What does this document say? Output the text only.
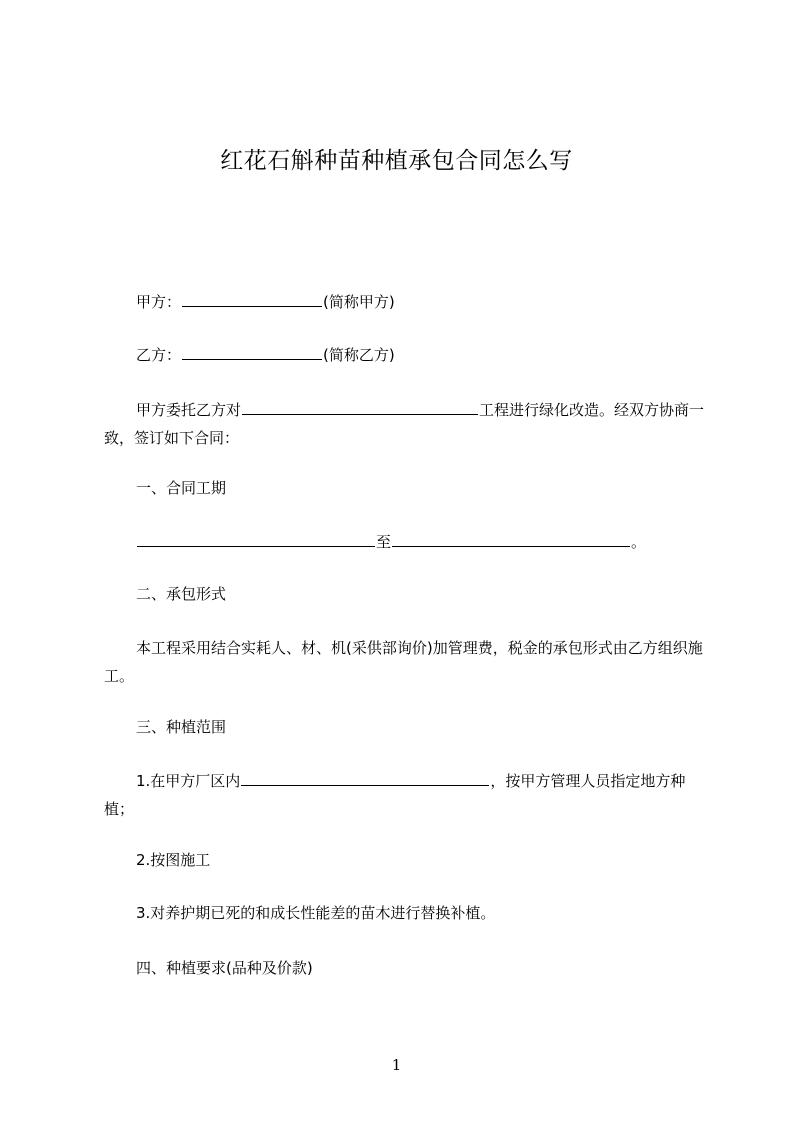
红花石斛种苗种植承包合同怎么写
甲方：	(简称甲方)
乙方：	(简称乙方)
甲方委托乙方对	工程进行绿化改造。经双方协商一致，签订如下合同：
一、合同工期
至	。
二、承包形式
本工程采用结合实耗人、材、机(采供部询价)加管理费，税金的承包形式由乙方组织施工。
三、种植范围
1.在甲方厂区内	，按甲方管理人员指定地方种植；
2.按图施工
3.对养护期已死的和成长性能差的苗木进行替换补植。
四、种植要求(品种及价款)
1
